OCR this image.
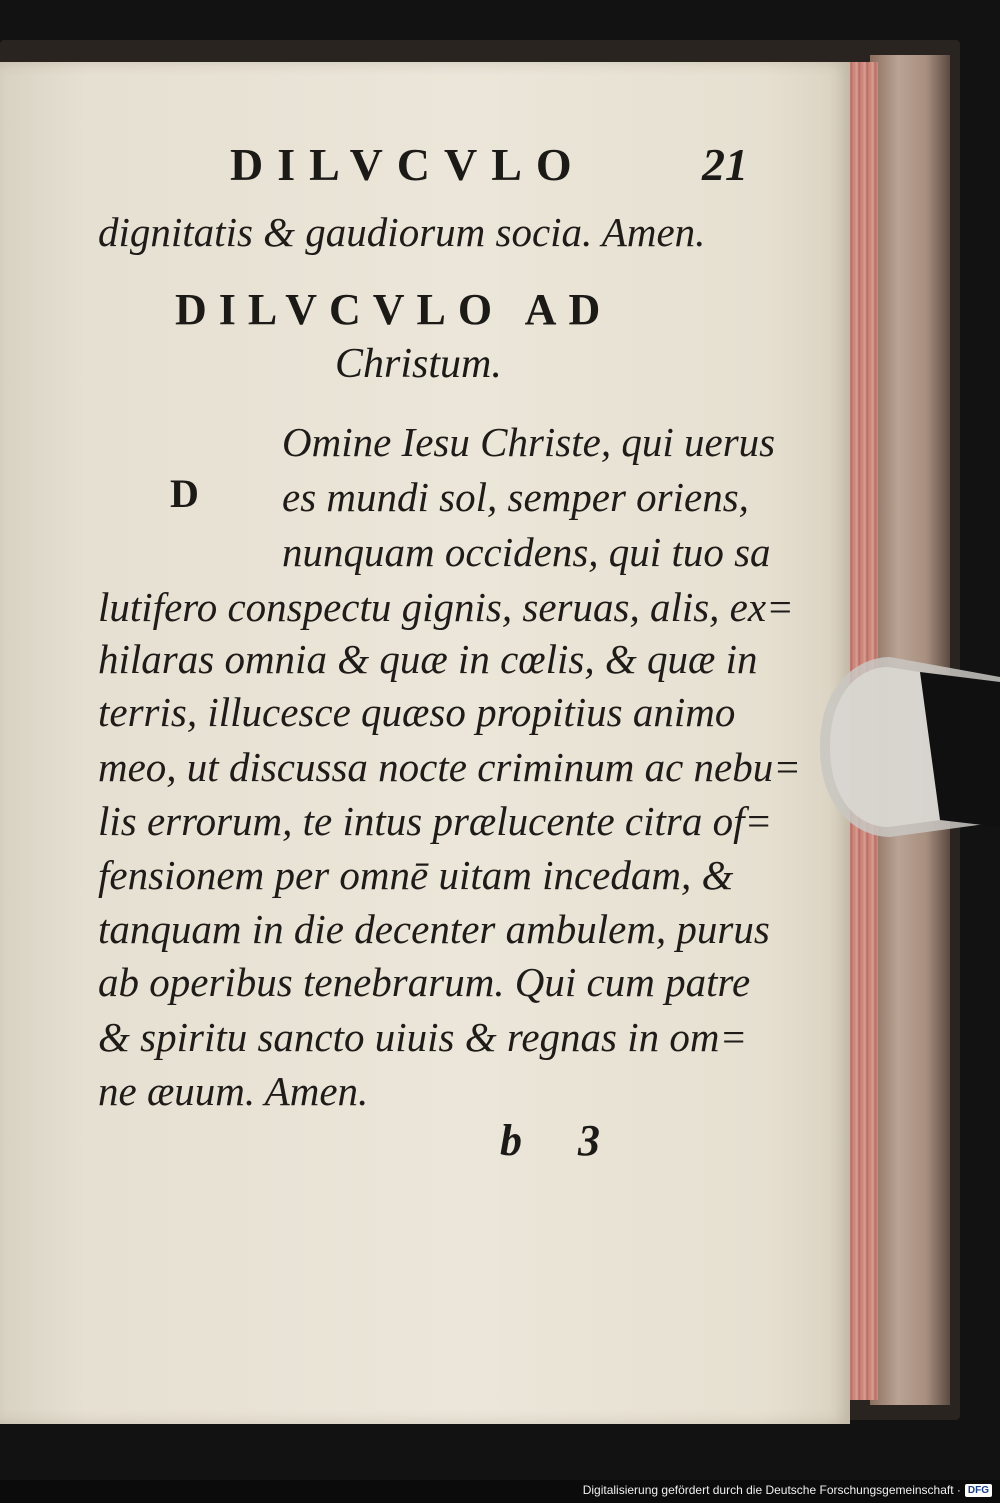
DILVCVLO	21
dignitatis & gaudiorum socia. Amen.
DILVCVLO AD
Christum.
D
Omine Iesu Christe, qui uerus
es mundi sol, semper oriens,
nunquam occidens, qui tuo sa
lutifero conspectu gignis, seruas, alis, ex=
hilaras omnia & quæ in cœlis, & quæ in
terris, illucesce quæso propitius animo
meo, ut discussa nocte criminum ac nebu=
lis errorum, te intus prælucente citra of=
fensionem per omnē uitam incedam, &
tanquam in die decenter ambulem, purus
ab operibus tenebrarum. Qui cum patre
& spiritu sancto uiuis & regnas in om=
ne æuum. Amen.
b 3
Digitalisierung gefördert durch die Deutsche Forschungsgemeinschaft · DFG
